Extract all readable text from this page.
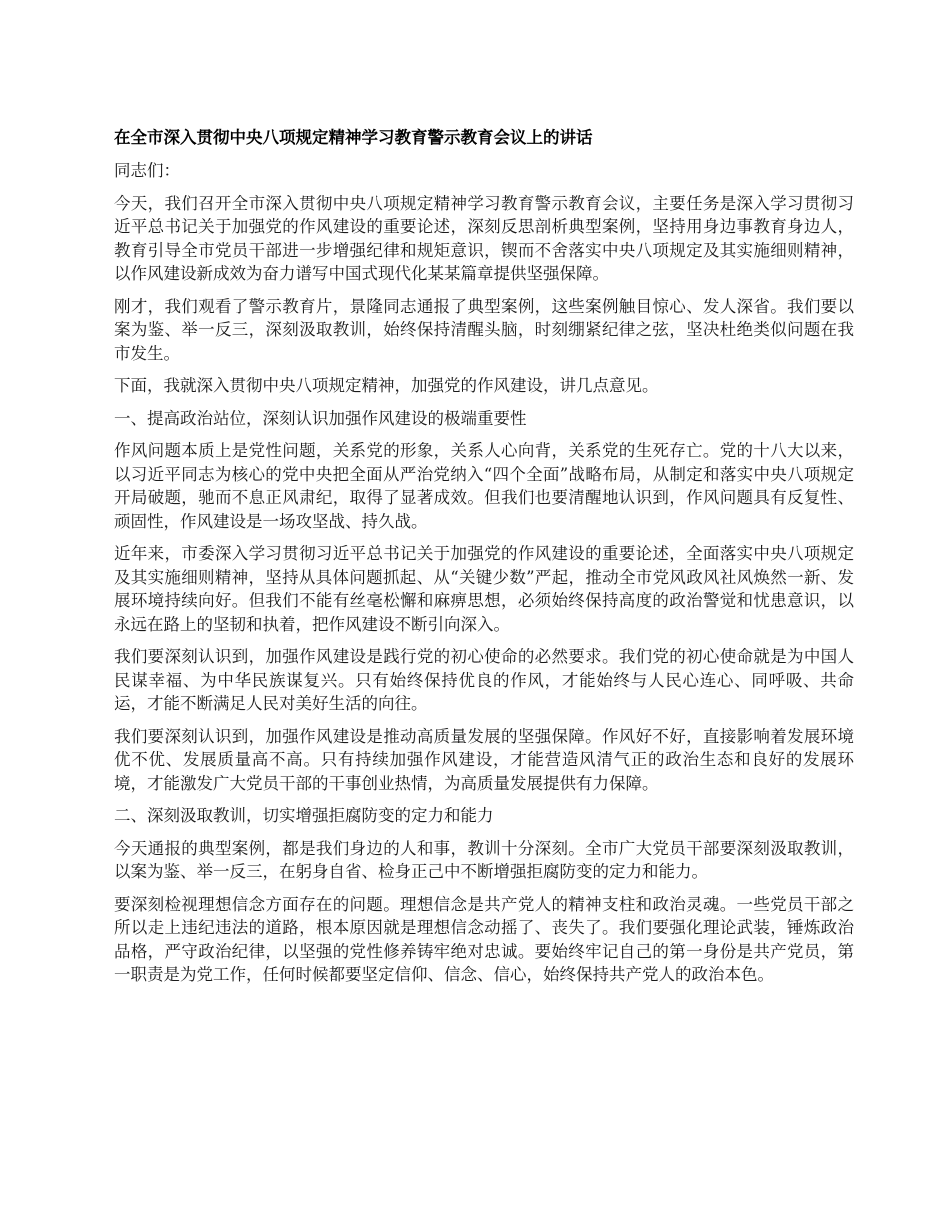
在全市深入贯彻中央八项规定精神学习教育警示教育会议上的讲话
同志们：
今天，我们召开全市深入贯彻中央八项规定精神学习教育警示教育会议，主要任务是深入学习贯彻习近平总书记关于加强党的作风建设的重要论述，深刻反思剖析典型案例，坚持用身边事教育身边人，教育引导全市党员干部进一步增强纪律和规矩意识，锲而不舍落实中央八项规定及其实施细则精神，以作风建设新成效为奋力谱写中国式现代化某某篇章提供坚强保障。
刚才，我们观看了警示教育片，景隆同志通报了典型案例，这些案例触目惊心、发人深省。我们要以案为鉴、举一反三，深刻汲取教训，始终保持清醒头脑，时刻绷紧纪律之弦，坚决杜绝类似问题在我市发生。
下面，我就深入贯彻中央八项规定精神，加强党的作风建设，讲几点意见。
一、提高政治站位，深刻认识加强作风建设的极端重要性
作风问题本质上是党性问题，关系党的形象，关系人心向背，关系党的生死存亡。党的十八大以来，以习近平同志为核心的党中央把全面从严治党纳入“四个全面”战略布局，从制定和落实中央八项规定开局破题，驰而不息正风肃纪，取得了显著成效。但我们也要清醒地认识到，作风问题具有反复性、顽固性，作风建设是一场攻坚战、持久战。
近年来，市委深入学习贯彻习近平总书记关于加强党的作风建设的重要论述，全面落实中央八项规定及其实施细则精神，坚持从具体问题抓起、从“关键少数”严起，推动全市党风政风社风焕然一新、发展环境持续向好。但我们不能有丝毫松懈和麻痹思想，必须始终保持高度的政治警觉和忧患意识，以永远在路上的坚韧和执着，把作风建设不断引向深入。
我们要深刻认识到，加强作风建设是践行党的初心使命的必然要求。我们党的初心使命就是为中国人民谋幸福、为中华民族谋复兴。只有始终保持优良的作风，才能始终与人民心连心、同呼吸、共命运，才能不断满足人民对美好生活的向往。
我们要深刻认识到，加强作风建设是推动高质量发展的坚强保障。作风好不好，直接影响着发展环境优不优、发展质量高不高。只有持续加强作风建设，才能营造风清气正的政治生态和良好的发展环境，才能激发广大党员干部的干事创业热情，为高质量发展提供有力保障。
二、深刻汲取教训，切实增强拒腐防变的定力和能力
今天通报的典型案例，都是我们身边的人和事，教训十分深刻。全市广大党员干部要深刻汲取教训，以案为鉴、举一反三，在躬身自省、检身正己中不断增强拒腐防变的定力和能力。
要深刻检视理想信念方面存在的问题。理想信念是共产党人的精神支柱和政治灵魂。一些党员干部之所以走上违纪违法的道路，根本原因就是理想信念动摇了、丧失了。我们要强化理论武装，锤炼政治品格，严守政治纪律，以坚强的党性修养铸牢绝对忠诚。要始终牢记自己的第一身份是共产党员，第一职责是为党工作，任何时候都要坚定信仰、信念、信心，始终保持共产党人的政治本色。
